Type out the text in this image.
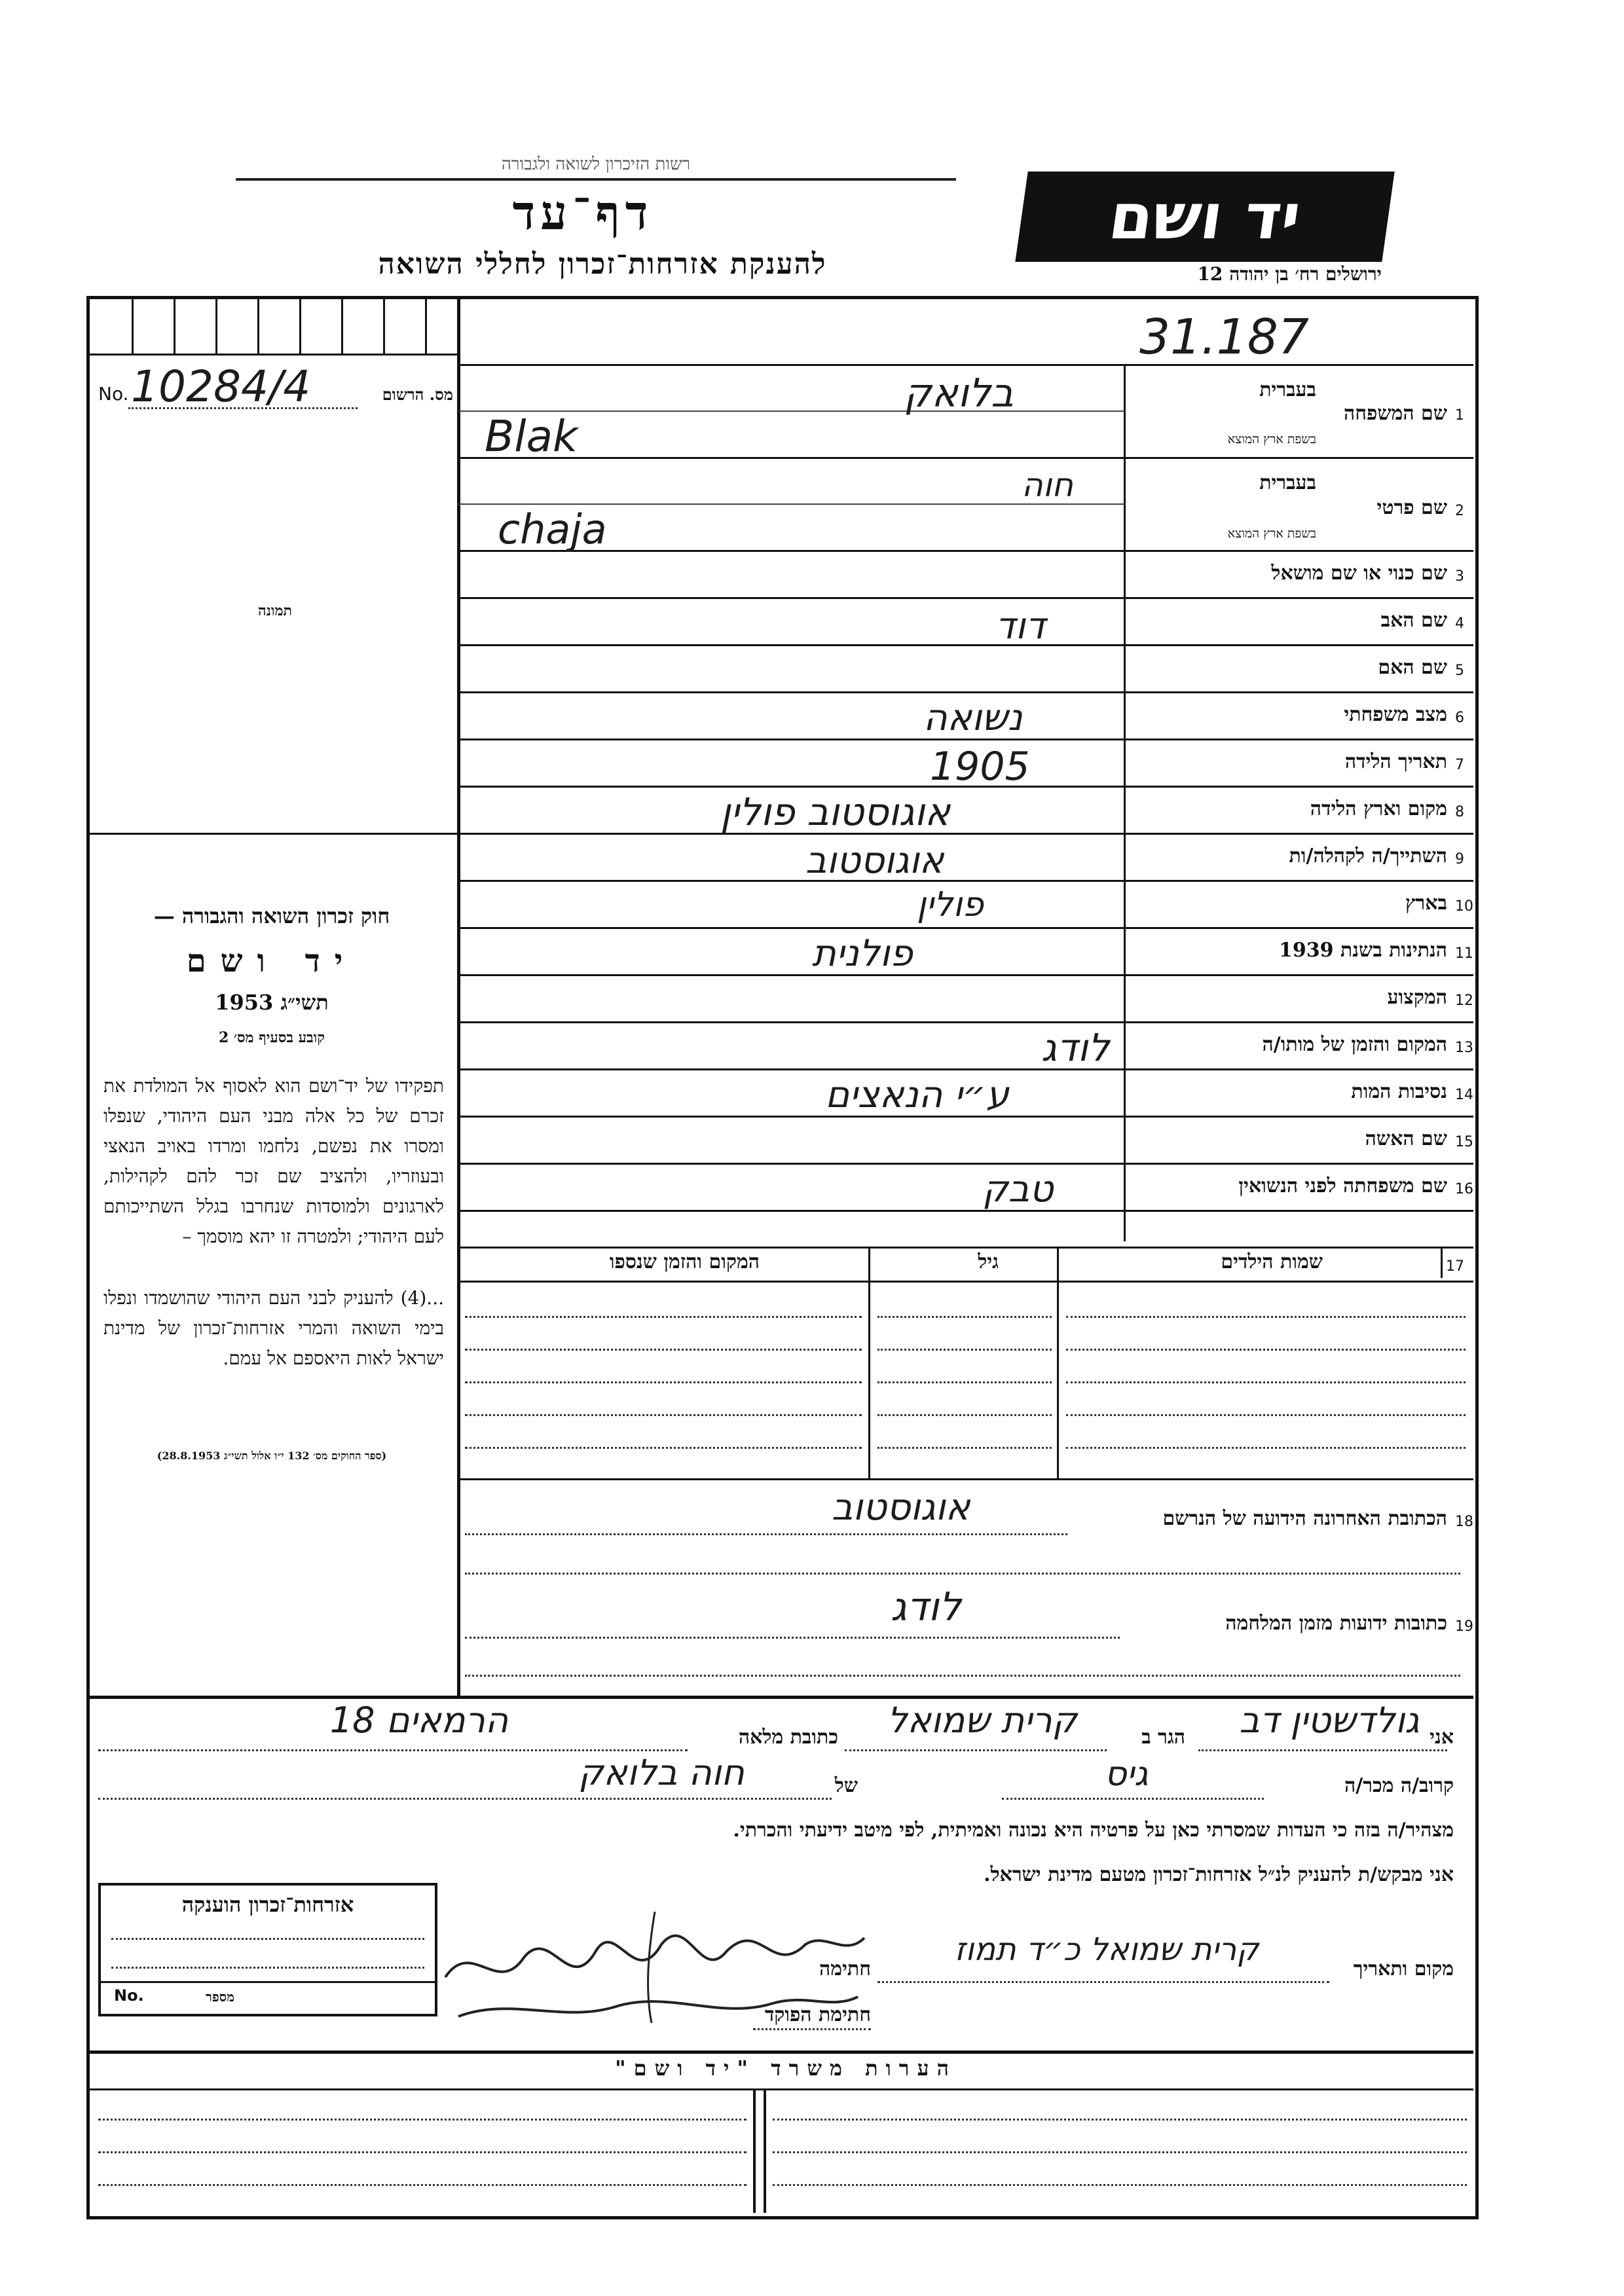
רשות הזיכרון לשואה ולגבורה
דף־עד
להענקת אזרחות־זכרון לחללי השואה
יד ושם
ירושלים רח׳ בן יהודה 12
31.187
No. 10284/4	מס. הרשום
תמונה
חוק זכרון השואה והגבורה —
יד ושם
תשי״ג 1953
קובע בסעיף מס׳ 2
תפקידו של יד־ושם הוא לאסוף אל המולדת את זכרם של כל אלה מבני העם היהודי, שנפלו ומסרו את נפשם, נלחמו ומרדו באויב הנאצי ובעוזריו, ולהציב שם זכר להם לקהילות, לארגונים ולמוסדות שנחרבו בגלל השתייכותם לעם היהודי; ולמטרה זו יהא מוסמך –
...(4) להעניק לבני העם היהודי שהושמדו ונפלו בימי השואה והמרי אזרחות־זכרון של מדינת ישראל לאות היאספם אל עמם.
(ספר החוקים מס׳ 132 י״ו אלול תשי״ג 28.8.1953)
1
שם המשפחה
בעברית
בשפת ארץ המוצא
בלואק
Blak
2
שם פרטי
בעברית
בשפת ארץ המוצא
חוה
chaja
3
שם כנוי או שם מושאל
4
שם האב
דוד
5
שם האם
6
מצב משפחתי
נשואה
7
תאריך הלידה
1905
8
מקום וארץ הלידה
אוגוסטוב פולין
9
השתייך/ה לקהלה/ות
אוגוסטוב
10
בארץ
פולין
11
הנתינות בשנת 1939
פולנית
12
המקצוע
13
המקום והזמן של מותו/ה
לודג
14
נסיבות המות
ע״י הנאצים
15
שם האשה
16
שם משפחתה לפני הנשואין
טבק
17
שמות הילדים
גיל
המקום והזמן שנספו
18
הכתובת האחרונה הידועה של הנרשם
אוגוסטוב
19
כתובות ידועות מזמן המלחמה
לודג
אני
גולדשטין דב
הגר ב
קרית שמואל
כתובת מלאה
הרמאים 18
קרוב/ה מכר/ה
גיס
של
חוה בלואק
מצהיר/ה בזה כי העדות שמסרתי כאן על פרטיה היא נכונה ואמיתית, לפי מיטב ידיעתי והכרתי.
אני מבקש/ת להעניק לנ״ל אזרחות־זכרון מטעם מדינת ישראל.
אזרחות־זכרון הוענקה
No.	מספר
מקום ותאריך
קרית שמואל כ״ד תמוז
חתימה
חתימת הפוקד
הערות משרד "יד ושם"
